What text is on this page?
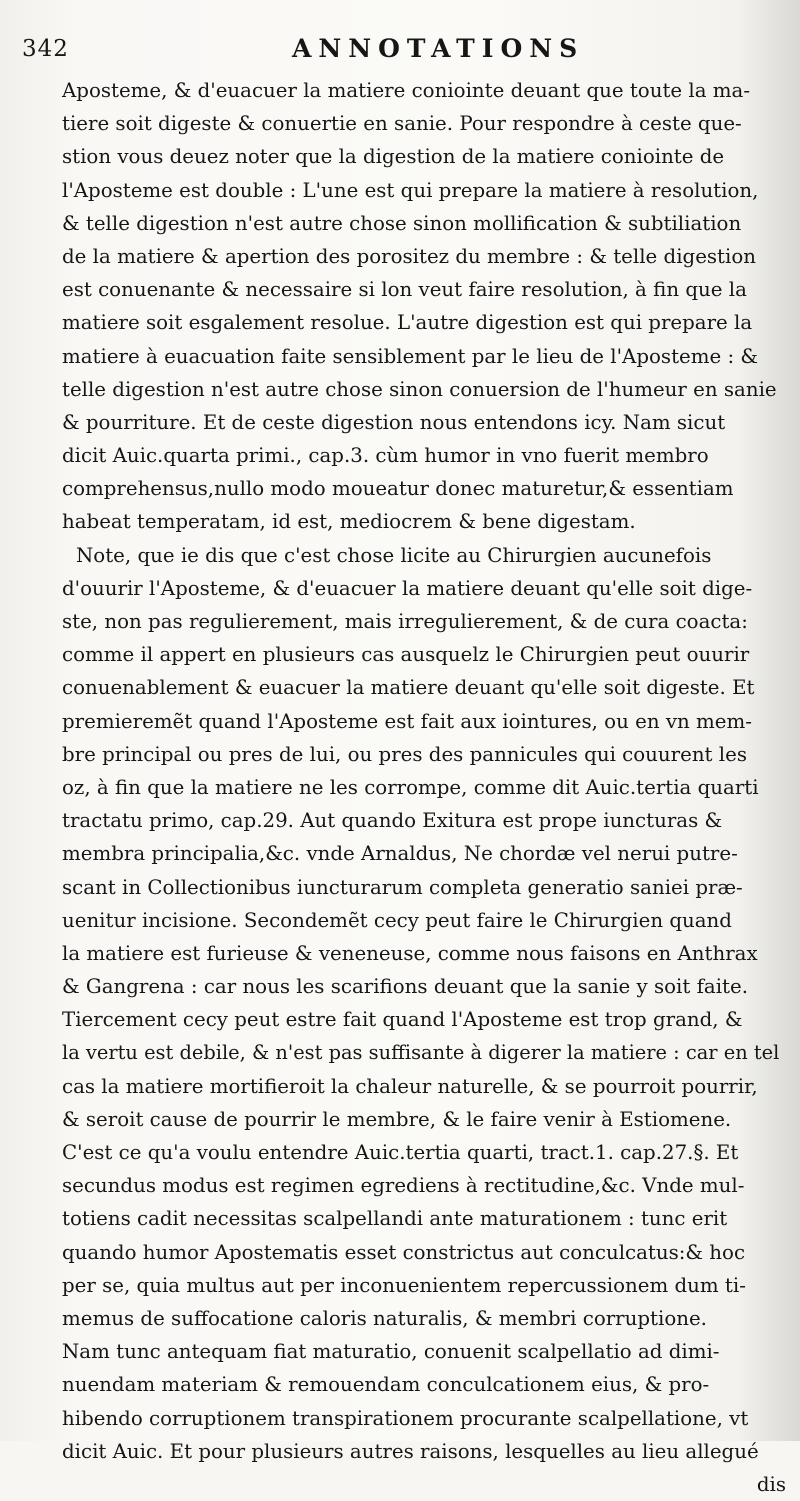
342	ANNOTATIONS
Aposteme, & d'euacuer la matiere coniointe deuant que toute la ma-
tiere soit digeste & conuertie en sanie. Pour respondre à ceste que-
stion vous deuez noter que la digestion de la matiere coniointe de
l'Aposteme est double : L'une est qui prepare la matiere à resolution,
& telle digestion n'est autre chose sinon mollification & subtiliation
de la matiere & apertion des porositez du membre : & telle digestion
est conuenante & necessaire si lon veut faire resolution, à fin que la
matiere soit esgalement resolue. L'autre digestion est qui prepare la
matiere à euacuation faite sensiblement par le lieu de l'Aposteme : &
telle digestion n'est autre chose sinon conuersion de l'humeur en sanie
& pourriture. Et de ceste digestion nous entendons icy. Nam sicut
dicit Auic.quarta primi., cap.3. cùm humor in vno fuerit membro
comprehensus,nullo modo moueatur donec maturetur,& essentiam
habeat temperatam, id est, mediocrem & bene digestam.
Note, que ie dis que c'est chose licite au Chirurgien aucunefois
d'ouurir l'Aposteme, & d'euacuer la matiere deuant qu'elle soit dige-
ste, non pas regulierement, mais irregulierement, & de cura coacta:
comme il appert en plusieurs cas ausquelz le Chirurgien peut ouurir
conuenablement & euacuer la matiere deuant qu'elle soit digeste. Et
premieremẽt quand l'Aposteme est fait aux iointures, ou en vn mem-
bre principal ou pres de lui, ou pres des pannicules qui couurent les
oz, à fin que la matiere ne les corrompe, comme dit Auic.tertia quarti
tractatu primo, cap.29. Aut quando Exitura est prope iuncturas &
membra principalia,&c. vnde Arnaldus, Ne chordæ vel nerui putre-
scant in Collectionibus iuncturarum completa generatio saniei præ-
uenitur incisione. Secondemẽt cecy peut faire le Chirurgien quand
la matiere est furieuse & veneneuse, comme nous faisons en Anthrax
& Gangrena : car nous les scarifions deuant que la sanie y soit faite.
Tiercement cecy peut estre fait quand l'Aposteme est trop grand, &
la vertu est debile, & n'est pas suffisante à digerer la matiere : car en tel
cas la matiere mortifieroit la chaleur naturelle, & se pourroit pourrir,
& seroit cause de pourrir le membre, & le faire venir à Estiomene.
C'est ce qu'a voulu entendre Auic.tertia quarti, tract.1. cap.27.§. Et
secundus modus est regimen egrediens à rectitudine,&c. Vnde mul-
totiens cadit necessitas scalpellandi ante maturationem : tunc erit
quando humor Apostematis esset constrictus aut conculcatus:& hoc
per se, quia multus aut per inconuenientem repercussionem dum ti-
memus de suffocatione caloris naturalis, & membri corruptione.
Nam tunc antequam fiat maturatio, conuenit scalpellatio ad dimi-
nuendam materiam & remouendam conculcationem eius, & pro-
hibendo corruptionem transpirationem procurante scalpellatione, vt
dicit Auic. Et pour plusieurs autres raisons, lesquelles au lieu allegué
dis
